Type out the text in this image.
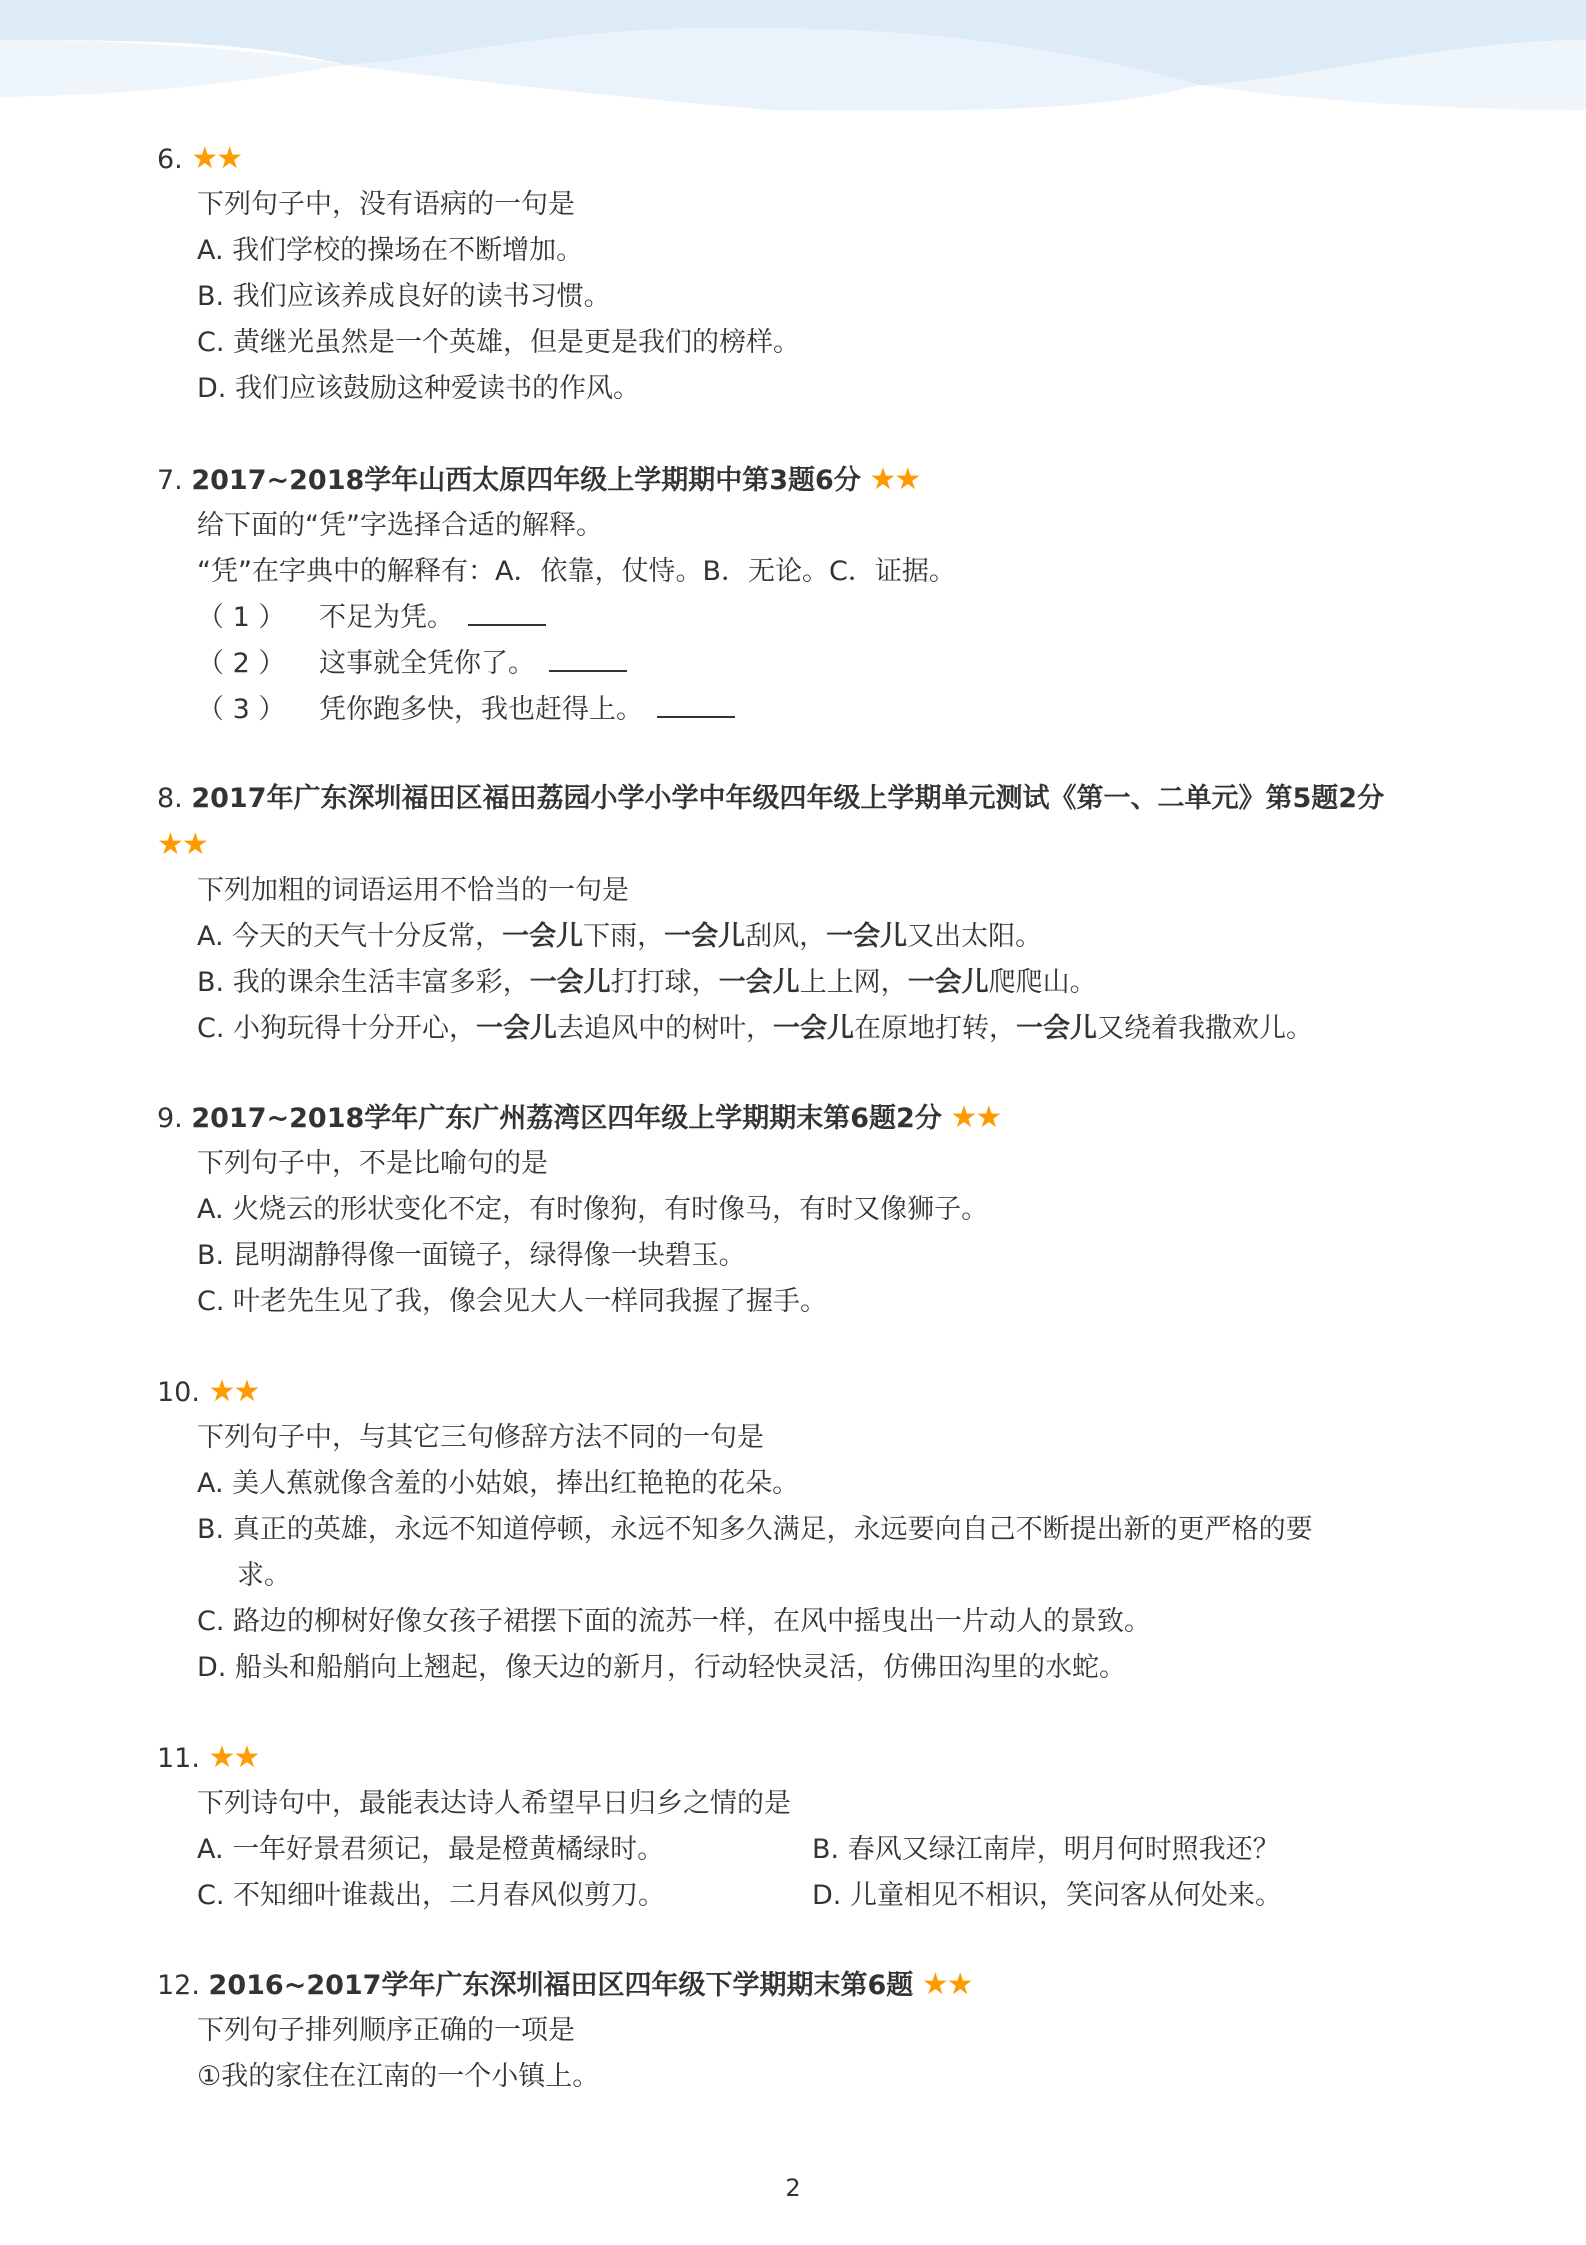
6. ★★
下列句子中，没有语病的一句是
A. 我们学校的操场在不断增加。
B. 我们应该养成良好的读书习惯。
C. 黄继光虽然是一个英雄，但是更是我们的榜样。
D. 我们应该鼓励这种爱读书的作风。
7. 2017~2018学年山西太原四年级上学期期中第3题6分 ★★
给下面的“凭”字选择合适的解释。
“凭”在字典中的解释有：A．依靠，仗恃。B．无论。C．证据。
（ 1 ） 不足为凭。
（ 2 ） 这事就全凭你了。
（ 3 ） 凭你跑多快，我也赶得上。
8. 2017年广东深圳福田区福田荔园小学小学中年级四年级上学期单元测试《第一、二单元》第5题2分
★★
下列加粗的词语运用不恰当的一句是
A. 今天的天气十分反常，一会儿下雨，一会儿刮风，一会儿又出太阳。
B. 我的课余生活丰富多彩，一会儿打打球，一会儿上上网，一会儿爬爬山。
C. 小狗玩得十分开心，一会儿去追风中的树叶，一会儿在原地打转，一会儿又绕着我撒欢儿。
9. 2017~2018学年广东广州荔湾区四年级上学期期末第6题2分 ★★
下列句子中，不是比喻句的是
A. 火烧云的形状变化不定，有时像狗，有时像马，有时又像狮子。
B. 昆明湖静得像一面镜子，绿得像一块碧玉。
C. 叶老先生见了我，像会见大人一样同我握了握手。
10. ★★
下列句子中，与其它三句修辞方法不同的一句是
A. 美人蕉就像含羞的小姑娘，捧出红艳艳的花朵。
B. 真正的英雄，永远不知道停顿，永远不知多久满足，永远要向自己不断提出新的更严格的要
求。
C. 路边的柳树好像女孩子裙摆下面的流苏一样，在风中摇曳出一片动人的景致。
D. 船头和船艄向上翘起，像天边的新月，行动轻快灵活，仿佛田沟里的水蛇。
11. ★★
下列诗句中，最能表达诗人希望早日归乡之情的是
A. 一年好景君须记，最是橙黄橘绿时。	B. 春风又绿江南岸，明月何时照我还？
C. 不知细叶谁裁出，二月春风似剪刀。	D. 儿童相见不相识，笑问客从何处来。
12. 2016~2017学年广东深圳福田区四年级下学期期末第6题 ★★
下列句子排列顺序正确的一项是
①我的家住在江南的一个小镇上。
2
